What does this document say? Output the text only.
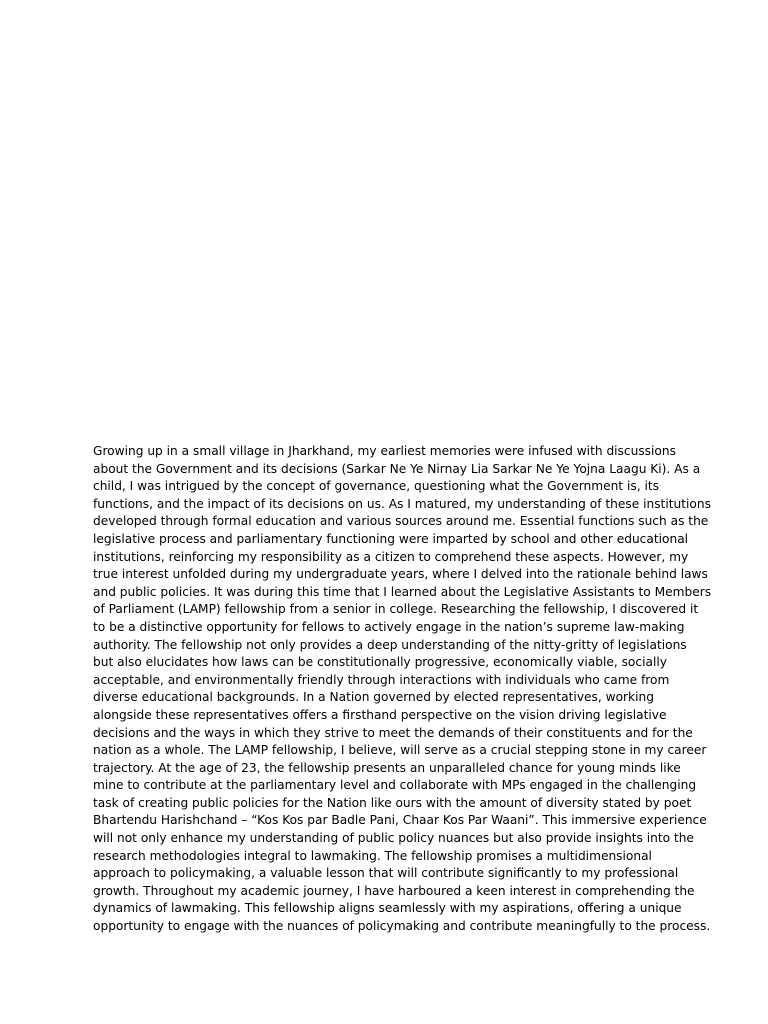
Growing up in a small village in Jharkhand, my earliest memories were infused with discussions
about the Government and its decisions (Sarkar Ne Ye Nirnay Lia Sarkar Ne Ye Yojna Laagu Ki). As a
child, I was intrigued by the concept of governance, questioning what the Government is, its
functions, and the impact of its decisions on us. As I matured, my understanding of these institutions
developed through formal education and various sources around me. Essential functions such as the
legislative process and parliamentary functioning were imparted by school and other educational
institutions, reinforcing my responsibility as a citizen to comprehend these aspects. However, my
true interest unfolded during my undergraduate years, where I delved into the rationale behind laws
and public policies. It was during this time that I learned about the Legislative Assistants to Members
of Parliament (LAMP) fellowship from a senior in college. Researching the fellowship, I discovered it
to be a distinctive opportunity for fellows to actively engage in the nation’s supreme law-making
authority. The fellowship not only provides a deep understanding of the nitty-gritty of legislations
but also elucidates how laws can be constitutionally progressive, economically viable, socially
acceptable, and environmentally friendly through interactions with individuals who came from
diverse educational backgrounds. In a Nation governed by elected representatives, working
alongside these representatives offers a firsthand perspective on the vision driving legislative
decisions and the ways in which they strive to meet the demands of their constituents and for the
nation as a whole. The LAMP fellowship, I believe, will serve as a crucial stepping stone in my career
trajectory. At the age of 23, the fellowship presents an unparalleled chance for young minds like
mine to contribute at the parliamentary level and collaborate with MPs engaged in the challenging
task of creating public policies for the Nation like ours with the amount of diversity stated by poet
Bhartendu Harishchand – “Kos Kos par Badle Pani, Chaar Kos Par Waani”. This immersive experience
will not only enhance my understanding of public policy nuances but also provide insights into the
research methodologies integral to lawmaking. The fellowship promises a multidimensional
approach to policymaking, a valuable lesson that will contribute significantly to my professional
growth. Throughout my academic journey, I have harboured a keen interest in comprehending the
dynamics of lawmaking. This fellowship aligns seamlessly with my aspirations, offering a unique
opportunity to engage with the nuances of policymaking and contribute meaningfully to the process.
